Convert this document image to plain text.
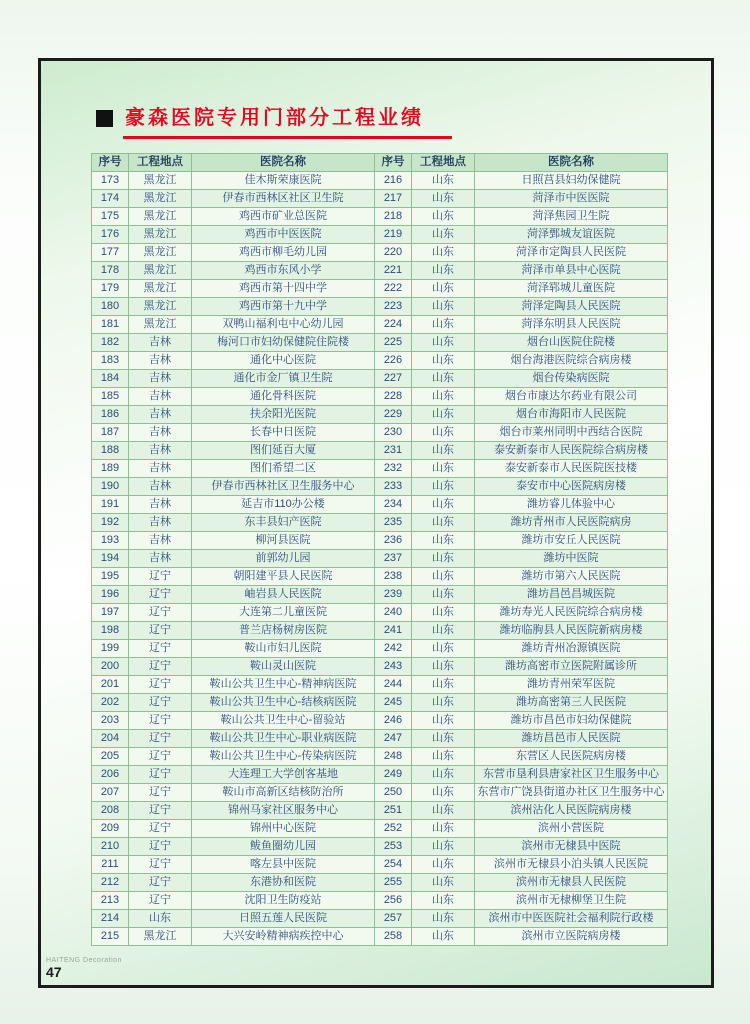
豪森医院专用门部分工程业绩
序号	工程地点	医院名称	序号	工程地点	医院名称
173	黑龙江	佳木斯荣康医院	216	山东	日照莒县妇幼保健院
174	黑龙江	伊春市西林区社区卫生院	217	山东	菏泽市中医医院
175	黑龙江	鸡西市矿业总医院	218	山东	菏泽焦园卫生院
176	黑龙江	鸡西市中医医院	219	山东	菏泽鄄城友谊医院
177	黑龙江	鸡西市柳毛幼儿园	220	山东	菏泽市定陶县人民医院
178	黑龙江	鸡西市东风小学	221	山东	菏泽市单县中心医院
179	黑龙江	鸡西市第十四中学	222	山东	菏泽郓城儿童医院
180	黑龙江	鸡西市第十九中学	223	山东	菏泽定陶县人民医院
181	黑龙江	双鸭山福利屯中心幼儿园	224	山东	菏泽东明县人民医院
182	吉林	梅河口市妇幼保健院住院楼	225	山东	烟台山医院住院楼
183	吉林	通化中心医院	226	山东	烟台海港医院综合病房楼
184	吉林	通化市金厂镇卫生院	227	山东	烟台传染病医院
185	吉林	通化骨科医院	228	山东	烟台市康达尔药业有限公司
186	吉林	扶余阳光医院	229	山东	烟台市海阳市人民医院
187	吉林	长春中日医院	230	山东	烟台市莱州同明中西结合医院
188	吉林	图们延百大厦	231	山东	泰安新泰市人民医院综合病房楼
189	吉林	图们希望二区	232	山东	泰安新泰市人民医院医技楼
190	吉林	伊春市西林社区卫生服务中心	233	山东	泰安市中心医院病房楼
191	吉林	延吉市110办公楼	234	山东	潍坊睿儿体验中心
192	吉林	东丰县妇产医院	235	山东	潍坊青州市人民医院病房
193	吉林	柳河县医院	236	山东	潍坊市安丘人民医院
194	吉林	前郭幼儿园	237	山东	潍坊中医院
195	辽宁	朝阳建平县人民医院	238	山东	潍坊市第六人民医院
196	辽宁	岫岩县人民医院	239	山东	潍坊昌邑昌城医院
197	辽宁	大连第二儿童医院	240	山东	潍坊寿光人民医院综合病房楼
198	辽宁	普兰店杨树房医院	241	山东	潍坊临朐县人民医院新病房楼
199	辽宁	鞍山市妇儿医院	242	山东	潍坊青州冶源镇医院
200	辽宁	鞍山灵山医院	243	山东	潍坊高密市立医院附属诊所
201	辽宁	鞍山公共卫生中心-精神病医院	244	山东	潍坊青州荣军医院
202	辽宁	鞍山公共卫生中心-结核病医院	245	山东	潍坊高密第三人民医院
203	辽宁	鞍山公共卫生中心-留验站	246	山东	潍坊市昌邑市妇幼保健院
204	辽宁	鞍山公共卫生中心-职业病医院	247	山东	潍坊昌邑市人民医院
205	辽宁	鞍山公共卫生中心-传染病医院	248	山东	东营区人民医院病房楼
206	辽宁	大连理工大学创客基地	249	山东	东营市垦利县唐家社区卫生服务中心
207	辽宁	鞍山市高新区结核防治所	250	山东	东营市广饶县街道办社区卫生服务中心
208	辽宁	锦州马家社区服务中心	251	山东	滨州沾化人民医院病房楼
209	辽宁	锦州中心医院	252	山东	滨州小营医院
210	辽宁	鲅鱼圈幼儿园	253	山东	滨州市无棣县中医院
211	辽宁	喀左县中医院	254	山东	滨州市无棣县小泊头镇人民医院
212	辽宁	东港协和医院	255	山东	滨州市无棣县人民医院
213	辽宁	沈阳卫生防疫站	256	山东	滨州市无棣柳堡卫生院
214	山东	日照五莲人民医院	257	山东	滨州市中医医院社会福利院行政楼
215	黑龙江	大兴安岭精神病疾控中心	258	山东	滨州市立医院病房楼
HAITENG Decoration
47
